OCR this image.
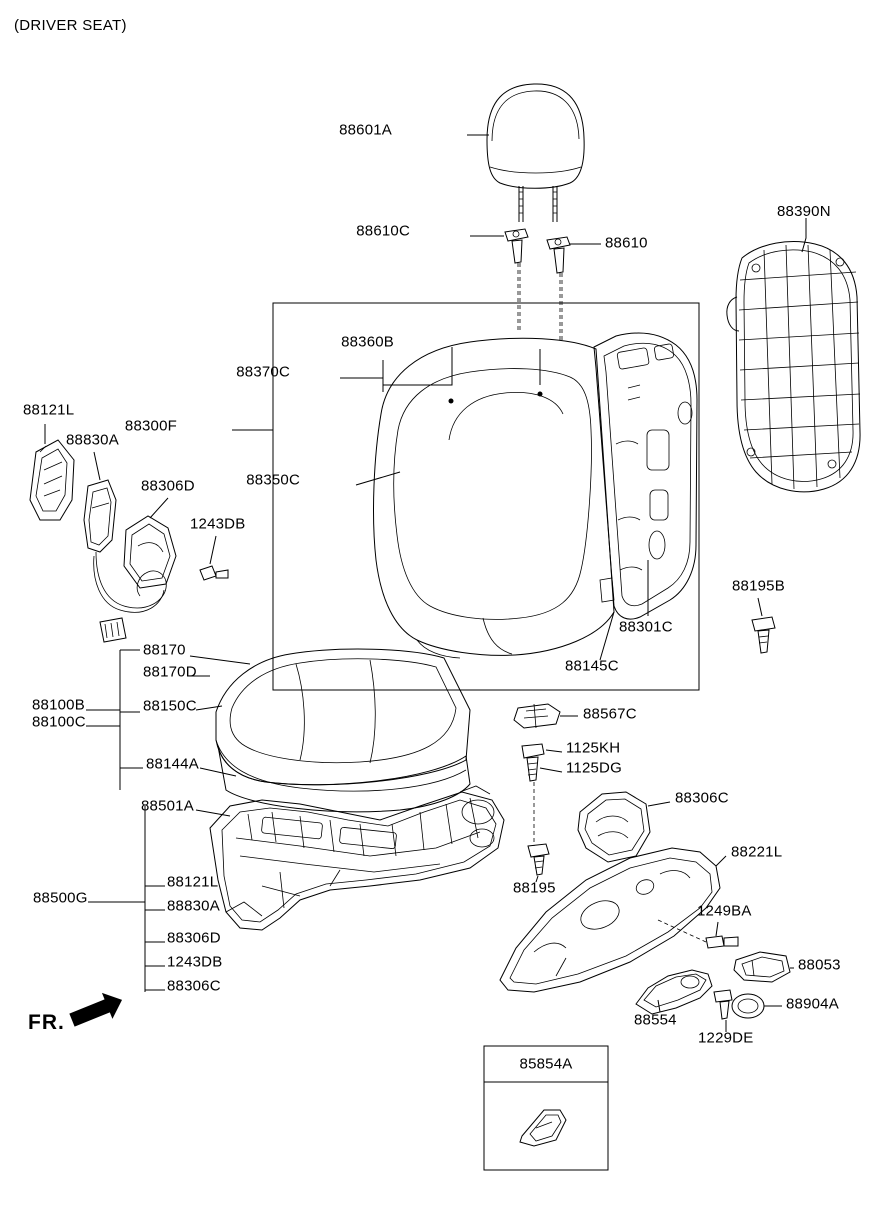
(DRIVER SEAT)
88601A
88390N
88610C
88610
88360B
88370C
88300F
88121L
88830A
88350C
88306D
1243DB
88195B
88301C
88145C
88170
88170D
88100B	88150C
88100C	88567C
1125KH
88144A	1125DG
88306C
88501A
88221L
88121L	88195
88500G	88830A	1249BA
88306D
88053
1243DB
88904A
88306C
88554
1229DE
85854A
FR.
